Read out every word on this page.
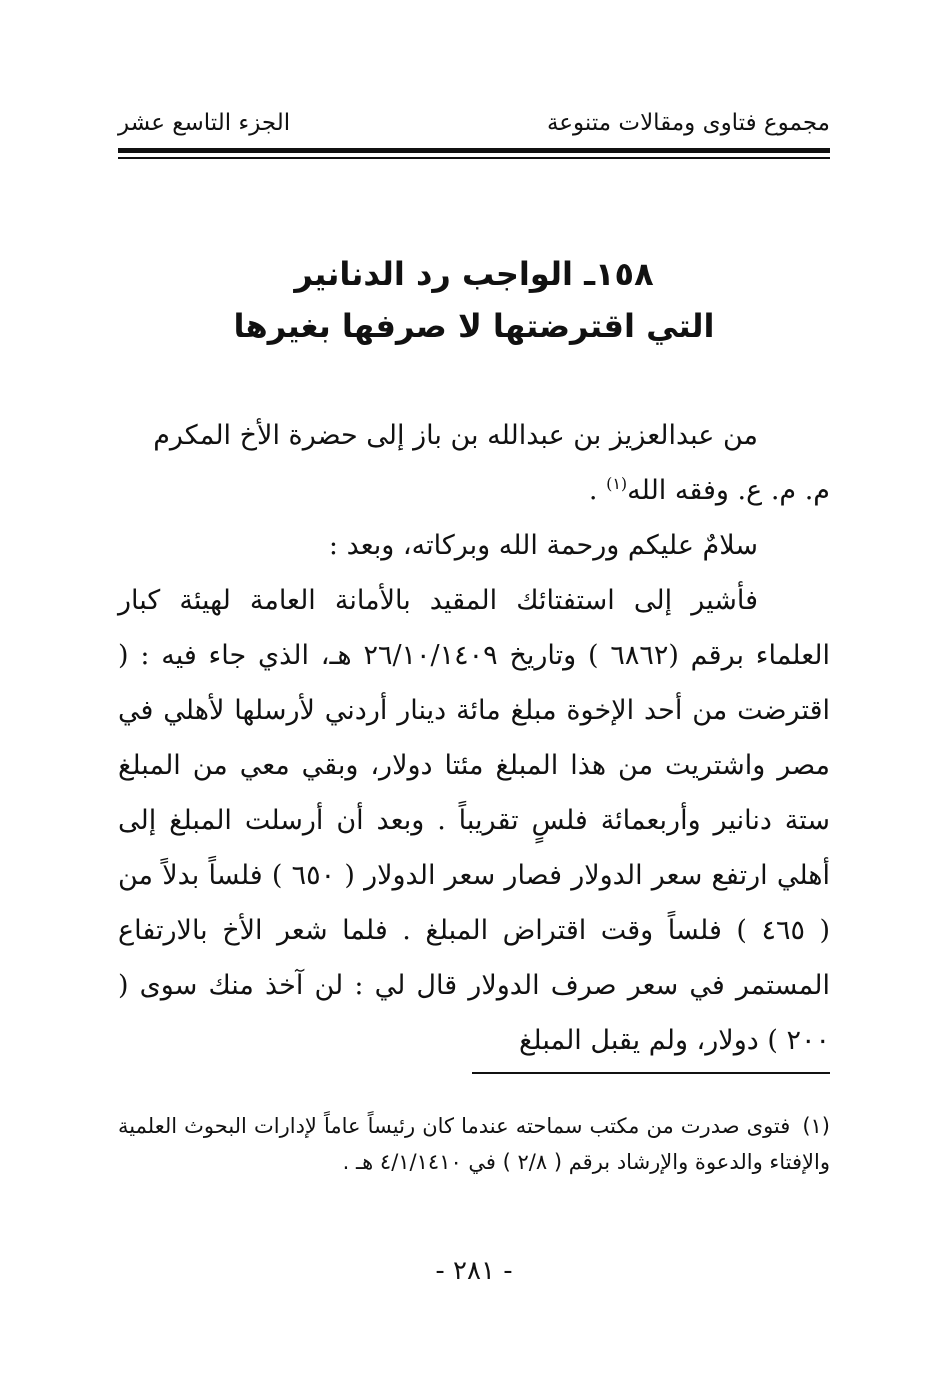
مجموع فتاوى ومقالات متنوعة
الجزء التاسع عشر
١٥٨ـ الواجب رد الدنانير
التي اقترضتها لا صرفها بغيرها

من عبدالعزيز بن عبدالله بن باز إلى حضرة الأخ المكرم

م. م. ع. وفقه الله$^{(١)}$ .

سلامٌ عليكم ورحمة الله وبركاته، وبعد :

فأشير إلى استفتائك المقيد بالأمانة العامة لهيئة كبار العلماء برقم (٦٨٦٢ ) وتاريخ ٢٦/١٠/١٤٠٩ هـ، الذي جاء فيه : ( اقترضت من أحد الإخوة مبلغ مائة دينار أردني لأرسلها لأهلي في مصر واشتريت من هذا المبلغ مئتا دولار، وبقي معي من المبلغ ستة دنانير وأربعمائة فلسٍ تقريباً . وبعد أن أرسلت المبلغ إلى أهلي ارتفع سعر الدولار فصار سعر الدولار ( ٦٥٠ ) فلساً بدلاً من ( ٤٦٥ ) فلساً وقت اقتراض المبلغ . فلما شعر الأخ بالارتفاع المستمر في سعر صرف الدولار قال لي : لن آخذ منك سوى ( ٢٠٠ ) دولار، ولم يقبل المبلغ

(١)فتوى صدرت من مكتب سماحته عندما كان رئيساً عاماً لإدارات البحوث العلمية والإفتاء والدعوة والإرشاد برقم ( ٢/٨ ) في ٤/١/١٤١٠ هـ .
- ٢٨١ -
